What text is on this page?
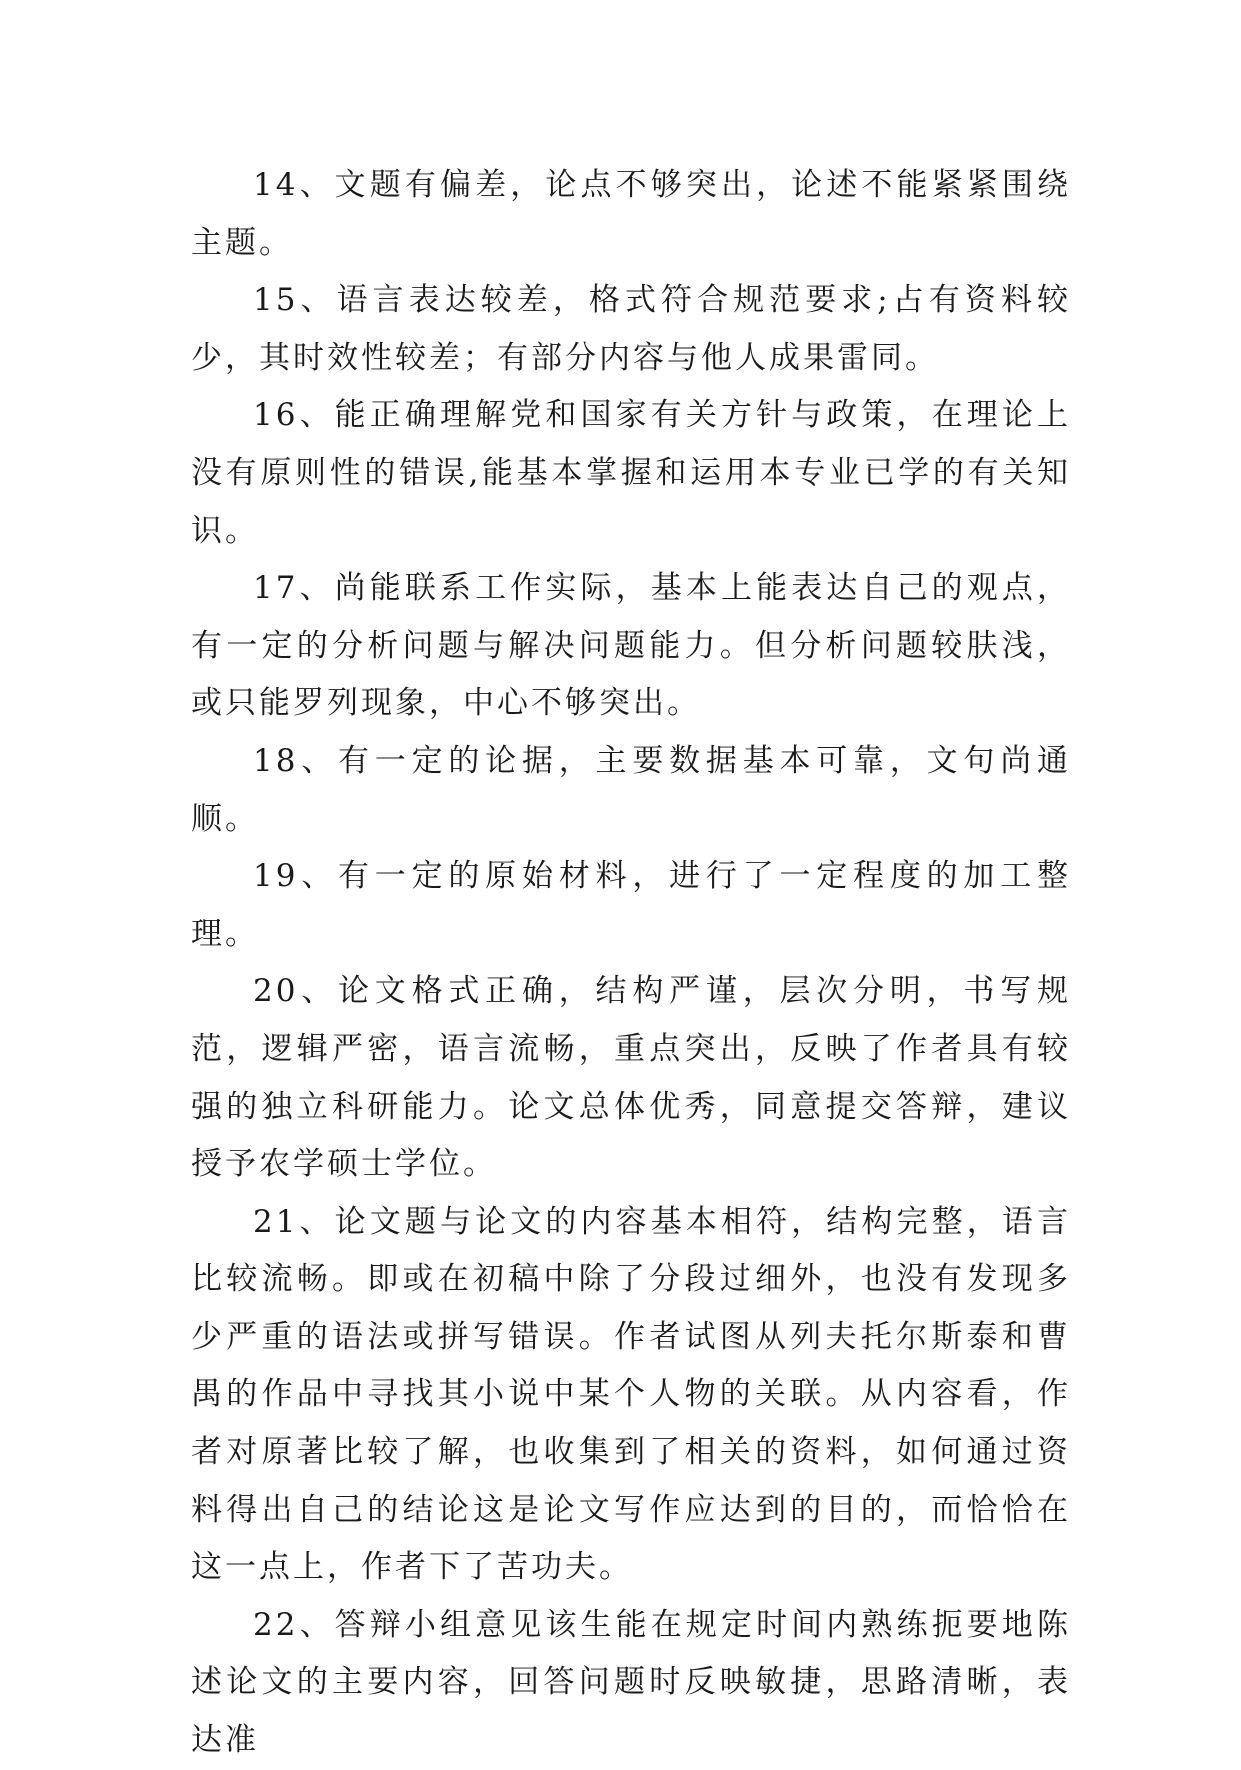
14、文题有偏差，论点不够突出，论述不能紧紧围绕主题。

15、语言表达较差，格式符合规范要求;占有资料较少，其时效性较差；有部分内容与他人成果雷同。

16、能正确理解党和国家有关方针与政策，在理论上没有原则性的错误,能基本掌握和运用本专业已学的有关知识。

17、尚能联系工作实际，基本上能表达自己的观点，有一定的分析问题与解决问题能力。但分析问题较肤浅，或只能罗列现象，中心不够突出。

18、有一定的论据，主要数据基本可靠，文句尚通顺。

19、有一定的原始材料，进行了一定程度的加工整理。

20、论文格式正确，结构严谨，层次分明，书写规范，逻辑严密，语言流畅，重点突出，反映了作者具有较强的独立科研能力。论文总体优秀，同意提交答辩，建议授予农学硕士学位。

21、论文题与论文的内容基本相符，结构完整，语言比较流畅。即或在初稿中除了分段过细外，也没有发现多少严重的语法或拼写错误。作者试图从列夫托尔斯泰和曹禺的作品中寻找其小说中某个人物的关联。从内容看，作者对原著比较了解，也收集到了相关的资料，如何通过资料得出自己的结论这是论文写作应达到的目的，而恰恰在这一点上，作者下了苦功夫。

22、答辩小组意见该生能在规定时间内熟练扼要地陈述论文的主要内容，回答问题时反映敏捷，思路清晰，表达准
